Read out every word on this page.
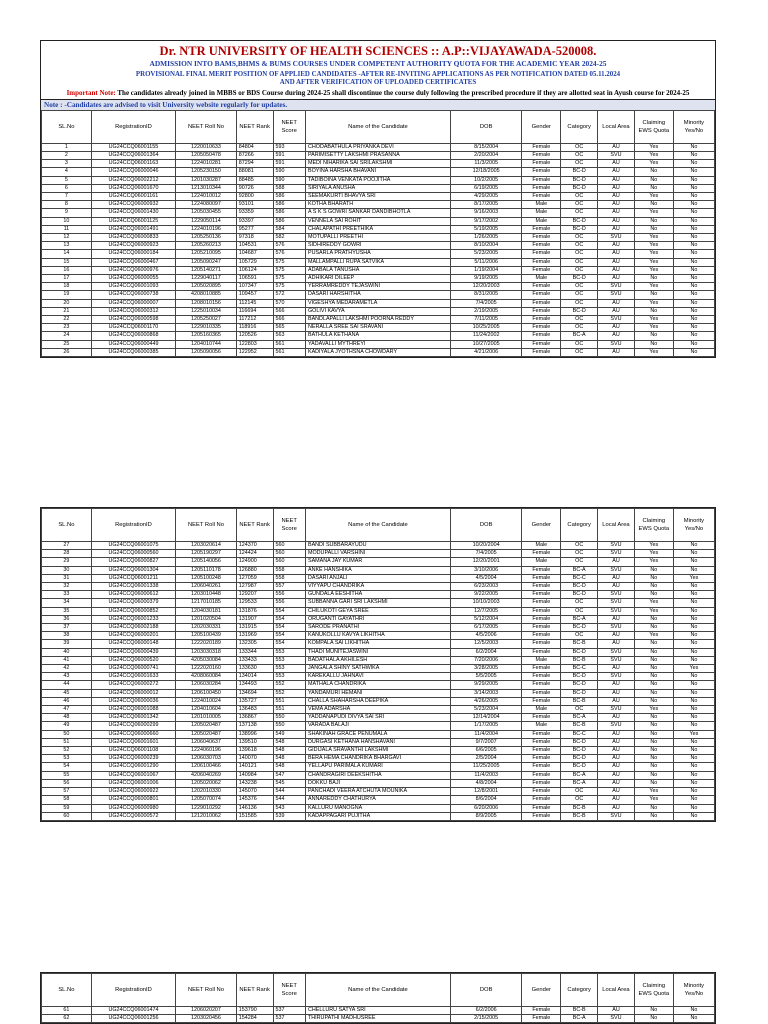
Dr. NTR UNIVERSITY OF HEALTH SCIENCES :: A.P::VIJAYAWADA-520008.
ADMISSION INTO BAMS,BHMS & BUMS COURSES UNDER COMPETENT AUTHORITY QUOTA FOR THE ACADEMIC YEAR 2024-25
PROVISIONAL FINAL MERIT POSITION OF APPLIED CANDIDATES -AFTER RE-INVITING APPLICATIONS AS PER NOTIFICATION DATED 05.11.2024
AND AFTER VERIFICATION OF UPLOADED CERTIFICATES
Important Note: The candidates already joined in MBBS or BDS Course during 2024-25 shall discontinue the course duly following the prescribed procedure if they are allotted seat in Ayush course for 2024-25
Note : -Candidates are advised to visit University website regularly for updates.
SL.No	RegistrationID	NEET Roll No	NEET Rank	NEET Score	Name of the Candidate	DOB	Gender	Category	Local Area	Claiming EWS Quota	Minority Yes/No
1	UG24CCQ06001155	1220010633	84804	593	CHODABATHULA PRIYANKA DEVI	8/15/2004	Female	OC	AU	Yes	No
2	UG24CCQ06001364	1205050478	87266	591	PARIMISETTY LAKSHMI PRASANNA	2/20/2004	Female	OC	SVU	Yes	No
3	UG24CCQ06001163	1224010281	87294	591	MEDI NIHARIKA SAI SRILAKSHMI	11/3/2005	Female	OC	AU	Yes	No
4	UG24CCQ06000046	1205230150	88081	590	BOYINA HARSHA BHAVANI	12/18/2005	Female	BC-D	AU	No	No
5	UG24CCQ06002212	1201030287	88485	590	TADIBOINA VENKATA POOJITHA	10/2/2005	Female	BC-D	AU	No	No
6	UG24CCQ06001670	1213010344	90726	588	SIRIYALA ANUSHA	6/19/2005	Female	BC-D	AU	No	No
7	UG24CCQ06001161	1224010012	92800	586	SEEMAKURTI BHAVYA SRI	4/29/2005	Female	OC	AU	Yes	No
8	UG24CCQ06000932	1224080097	93101	586	KOTHA BHARATH	8/17/2005	Male	OC	AU	No	No
9	UG24CCQ06001430	1205030455	93359	586	A S K S GOWRI SANKAR DANDIBHOTLA	9/16/2003	Male	OC	AU	Yes	No
10	UG24CCQ06001125	1229050114	93397	586	VENNELA SAI ROHIT	9/17/2002	Male	BC-D	AU	No	No
11	UG24CCQ06001491	1224010196	95277	584	CHALAPATHI PREETHIKA	5/19/2005	Female	BC-D	AU	No	No
12	UG24CCQ06000833	1205250136	97318	582	MOTUPALLI PREETHI	1/26/2005	Female	OC	SVU	Yes	No
13	UG24CCQ06000923	1205260213	104531	576	SIDHIREDDY GOWRI	8/10/2004	Female	OC	AU	Yes	No
14	UG24CCQ06000184	1205210095	104687	576	PUSARLA PRATHYUSHA	5/23/2005	Female	OC	AU	Yes	No
15	UG24CCQ06000467	1205090247	105729	575	MALLAMPALLI RUPA SATVIKA	5/11/2006	Female	OC	AU	Yes	No
16	UG24CCQ06000976	1205140271	106124	575	ADABALA TANUSHA	1/19/2004	Female	OC	AU	Yes	No
17	UG24CCQ06000055	1229040117	106591	575	ADHIKARI DILEEP	9/19/2005	Male	BC-D	AU	No	No
18	UG24CCQ06001093	1205020895	107347	575	YERRAMREDDY TEJASWINI	12/20/2003	Female	OC	SVU	Yes	No
19	UG24CCQ06000738	4208010885	109457	572	DASARI HARSHITHA	8/31/2005	Female	OC	SVU	No	No
20	UG24CCQ06000007	1208010156	112145	570	VIGESHYA MEDARAMETLA	7/4/2005	Female	OC	AU	Yes	No
21	UG24CCQ06000312	1225010034	116694	566	GOLIVI KAVYA	2/19/2005	Female	BC-D	AU	No	No
22	UG24CCQ06000598	1205250027	117212	566	BANDLAPALLI LAKSHMI POORNA REDDY	7/11/2005	Female	OC	SVU	Yes	No
23	UG24CCQ06001170	1229010335	118916	565	NERALLA SREE SAI SRAVANI	10/25/2005	Female	OC	AU	Yes	No
24	UG24CCQ06000868	1205160365	120526	563	BATHULA KETHANA	11/24/2002	Female	BC-A	AU	No	No
25	UG24CCQ06000449	1204010744	122803	561	YADAVALLI MYTHREYI	10/27/2005	Female	OC	SVU	No	No
26	UG24CCQ06000385	1205090056	122952	561	KADIYALA JYOTHSNA CHOWDARY	4/21/2006	Female	OC	AU	Yes	No
SL.No	RegistrationID	NEET Roll No	NEET Rank	NEET Score	Name of the Candidate	DOB	Gender	Category	Local Area	Claiming EWS Quota	Minority Yes/No
27	UG24CCQ06001075	1203020614	124370	560	BANDI SUBBARAYUDU	10/20/2004	Male	OC	SVU	Yes	No
28	UG24CCQ06000560	1205190297	124424	560	MODUPALLI VARSHINI	7/4/2005	Female	OC	SVU	Yes	No
29	UG24CCQ06000827	1205140056	124900	560	SAMANA JAY KUMAR	12/20/2001	Male	OC	AU	Yes	No
30	UG24CCQ06001304	1205110178	126880	558	ANKE HANSHIKA	3/10/2006	Female	BC-A	SVU	No	No
31	UG24CCQ06001211	1205100248	127059	558	DASARI ANJALI	4/5/2004	Female	BC-C	AU	No	Yes
32	UG24CCQ06001338	1206040261	127987	557	VIYYAPU CHANDRIKA	6/23/2003	Female	BC-D	AU	No	No
33	UG24CCQ06000612	1203010448	129207	556	GUNDALA EESHITHA	9/22/2005	Female	BC-D	SVU	No	No
34	UG24CCQ06000379	1217010185	129533	556	SUBBANNA GARI SRI LAKSHMI	10/10/2003	Female	OC	SVU	Yes	No
35	UG24CCQ06000852	1204030181	131876	554	CHILUKOTI GEYA SREE	12/7/2005	Female	OC	SVU	Yes	No
36	UG24CCQ06001233	1201020504	131907	554	ORUGANTI GAYATHRI	5/12/2004	Female	BC-A	AU	No	No
37	UG24CCQ06002188	1202030331	131915	554	SARODE PRANATHI	6/17/2005	Female	BC-D	SVU	No	No
38	UG24CCQ06000201	1205100439	131969	554	KANUKOLLU KAVYA LIKHITHA	4/5/2006	Female	OC	AU	Yes	No
39	UG24CCQ06000148	1222020189	132305	554	KOMPALA SAI LIKHITHA	12/5/2003	Female	BC-B	AU	No	No
40	UG24CCQ06000439	1203030318	133344	553	THADI MUNITEJASWINI	6/2/2004	Female	BC-D	SVU	No	No
41	UG24CCQ06000520	4205030084	133433	553	BADATHALA AKHILESH	7/20/2006	Male	BC-B	SVU	No	No
42	UG24CCQ06000741	1222020160	133630	553	JANGALA SHINY SATHWIKA	3/28/2005	Female	BC-C	AU	No	Yes
43	UG24CCQ06001633	4208060084	134014	553	KAREKALLU JAHNAVI	5/5/2005	Female	BC-D	SVU	No	No
44	UG24CCQ06000272	1206030284	134493	552	MATHALA CHANDRIKA	9/29/2005	Female	BC-D	AU	No	No
45	UG24CCQ06000012	1206100450	134694	552	YANDAMURI HEMANI	3/14/2003	Female	BC-D	AU	No	No
46	UG24CCQ06000036	1224010024	135727	551	CHALLA SHAHARSHA DEEPIKA	4/26/2005	Female	BC-B	AU	No	No
47	UG24CCQ06001088	1204010604	136483	551	VEMA ADARSHA	5/23/2004	Male	OC	SVU	Yes	No
48	UG24CCQ06001342	1201010005	136867	550	YADDANAPUDI DIVYA SAI SRI	12/14/2004	Female	BC-A	AU	No	No
49	UG24CCQ06000299	1205020487	137138	550	VARADA BALAJI	1/17/2005	Male	BC-B	SVU	No	No
50	UG24CCQ06000660	1205020487	138996	549	SHAKINAH GRACE PENUMALA	11/4/2004	Female	BC-C	AU	No	Yes
51	UG24CCQ06001601	1206040637	139510	548	DURGASI KETHANA HANSHAVANI	9/7/2007	Female	BC-D	AU	No	No
52	UG24CCQ06001108	1224060196	139618	548	GIDIJALA SRAVANTHI LAKSHMI	6/6/2005	Female	BC-D	AU	No	No
53	UG24CCQ06000239	1206030703	140070	548	BERA HEMA CHANDRIKA BHARGAVI	2/5/2004	Female	BC-D	AU	No	No
54	UG24CCQ06001290	1206100466	140121	548	YELLAPU PARIMALA KUMARI	11/25/2005	Female	BC-D	AU	No	No
55	UG24CCQ06001067	4206040269	140984	547	CHANDRAGIRI DEEKSHITHA	11/4/2003	Female	BC-A	AU	No	No
56	UG24CCQ06001006	1205020062	143238	545	DOKKU BAJI	4/8/2004	Female	BC-A	AU	No	No
57	UG24CCQ06000922	1202010330	145070	544	PANCHADI VEERA ATCHUTA MOUNIKA	12/8/2001	Female	OC	AU	Yes	No
58	UG24CCQ06000801	1205070074	145376	544	ANNAREDDY CHATHURYA	8/6/2004	Female	OC	AU	Yes	No
59	UG24CCQ06000980	1229010292	146136	543	KALLURU MANOGNA	6/20/2006	Female	BC-B	AU	No	No
60	UG24CCQ06000572	1212010062	151585	539	KADAPPAGARI PUJITHA	8/9/2005	Female	BC-B	SVU	No	No
SL.No	RegistrationID	NEET Roll No	NEET Rank	NEET Score	Name of the Candidate	DOB	Gender	Category	Local Area	Claiming EWS Quota	Minority Yes/No
61	UG24CCQ06001474	1206020207	153790	537	CHELLURU SATYA SRI	6/2/2006	Female	BC-B	AU	No	No
62	UG24CCQ06001256	1203020456	154284	537	THIRUPATHI MADHUSREE	2/15/2005	Female	BC-A	SVU	No	No
